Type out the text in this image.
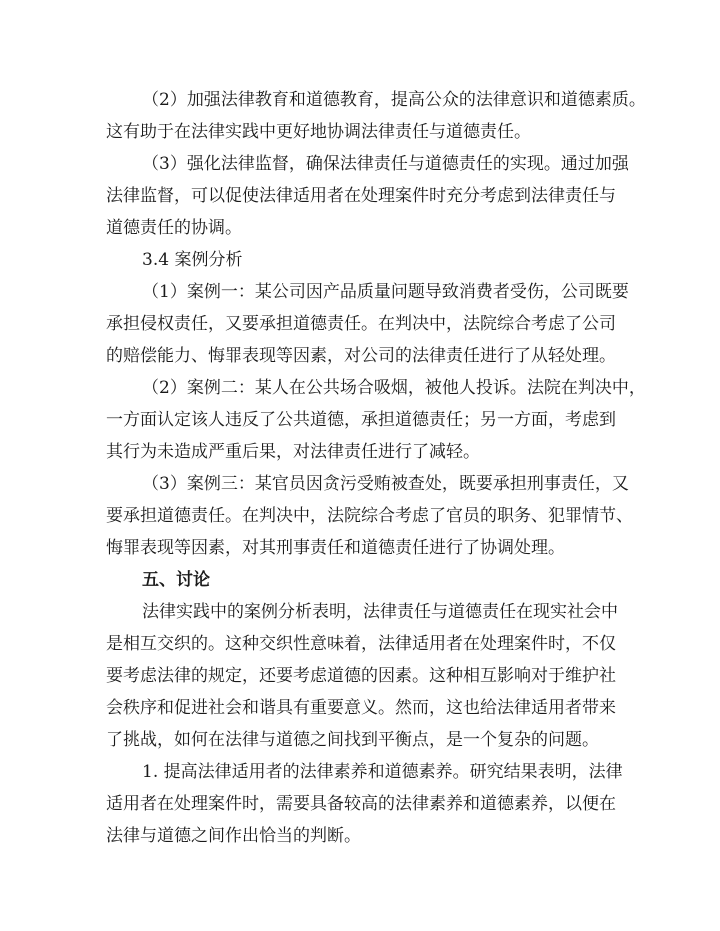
（2）加强法律教育和道德教育，提高公众的法律意识和道德素质。
这有助于在法律实践中更好地协调法律责任与道德责任。
（3）强化法律监督，确保法律责任与道德责任的实现。通过加强
法律监督，可以促使法律适用者在处理案件时充分考虑到法律责任与
道德责任的协调。
3.4 案例分析
（1）案例一：某公司因产品质量问题导致消费者受伤，公司既要
承担侵权责任，又要承担道德责任。在判决中，法院综合考虑了公司
的赔偿能力、悔罪表现等因素，对公司的法律责任进行了从轻处理。
（2）案例二：某人在公共场合吸烟，被他人投诉。法院在判决中，
一方面认定该人违反了公共道德，承担道德责任；另一方面，考虑到
其行为未造成严重后果，对法律责任进行了减轻。
（3）案例三：某官员因贪污受贿被查处，既要承担刑事责任，又
要承担道德责任。在判决中，法院综合考虑了官员的职务、犯罪情节、
悔罪表现等因素，对其刑事责任和道德责任进行了协调处理。
五、讨论
法律实践中的案例分析表明，法律责任与道德责任在现实社会中
是相互交织的。这种交织性意味着，法律适用者在处理案件时，不仅
要考虑法律的规定，还要考虑道德的因素。这种相互影响对于维护社
会秩序和促进社会和谐具有重要意义。然而，这也给法律适用者带来
了挑战，如何在法律与道德之间找到平衡点，是一个复杂的问题。
1. 提高法律适用者的法律素养和道德素养。研究结果表明，法律
适用者在处理案件时，需要具备较高的法律素养和道德素养，以便在
法律与道德之间作出恰当的判断。
